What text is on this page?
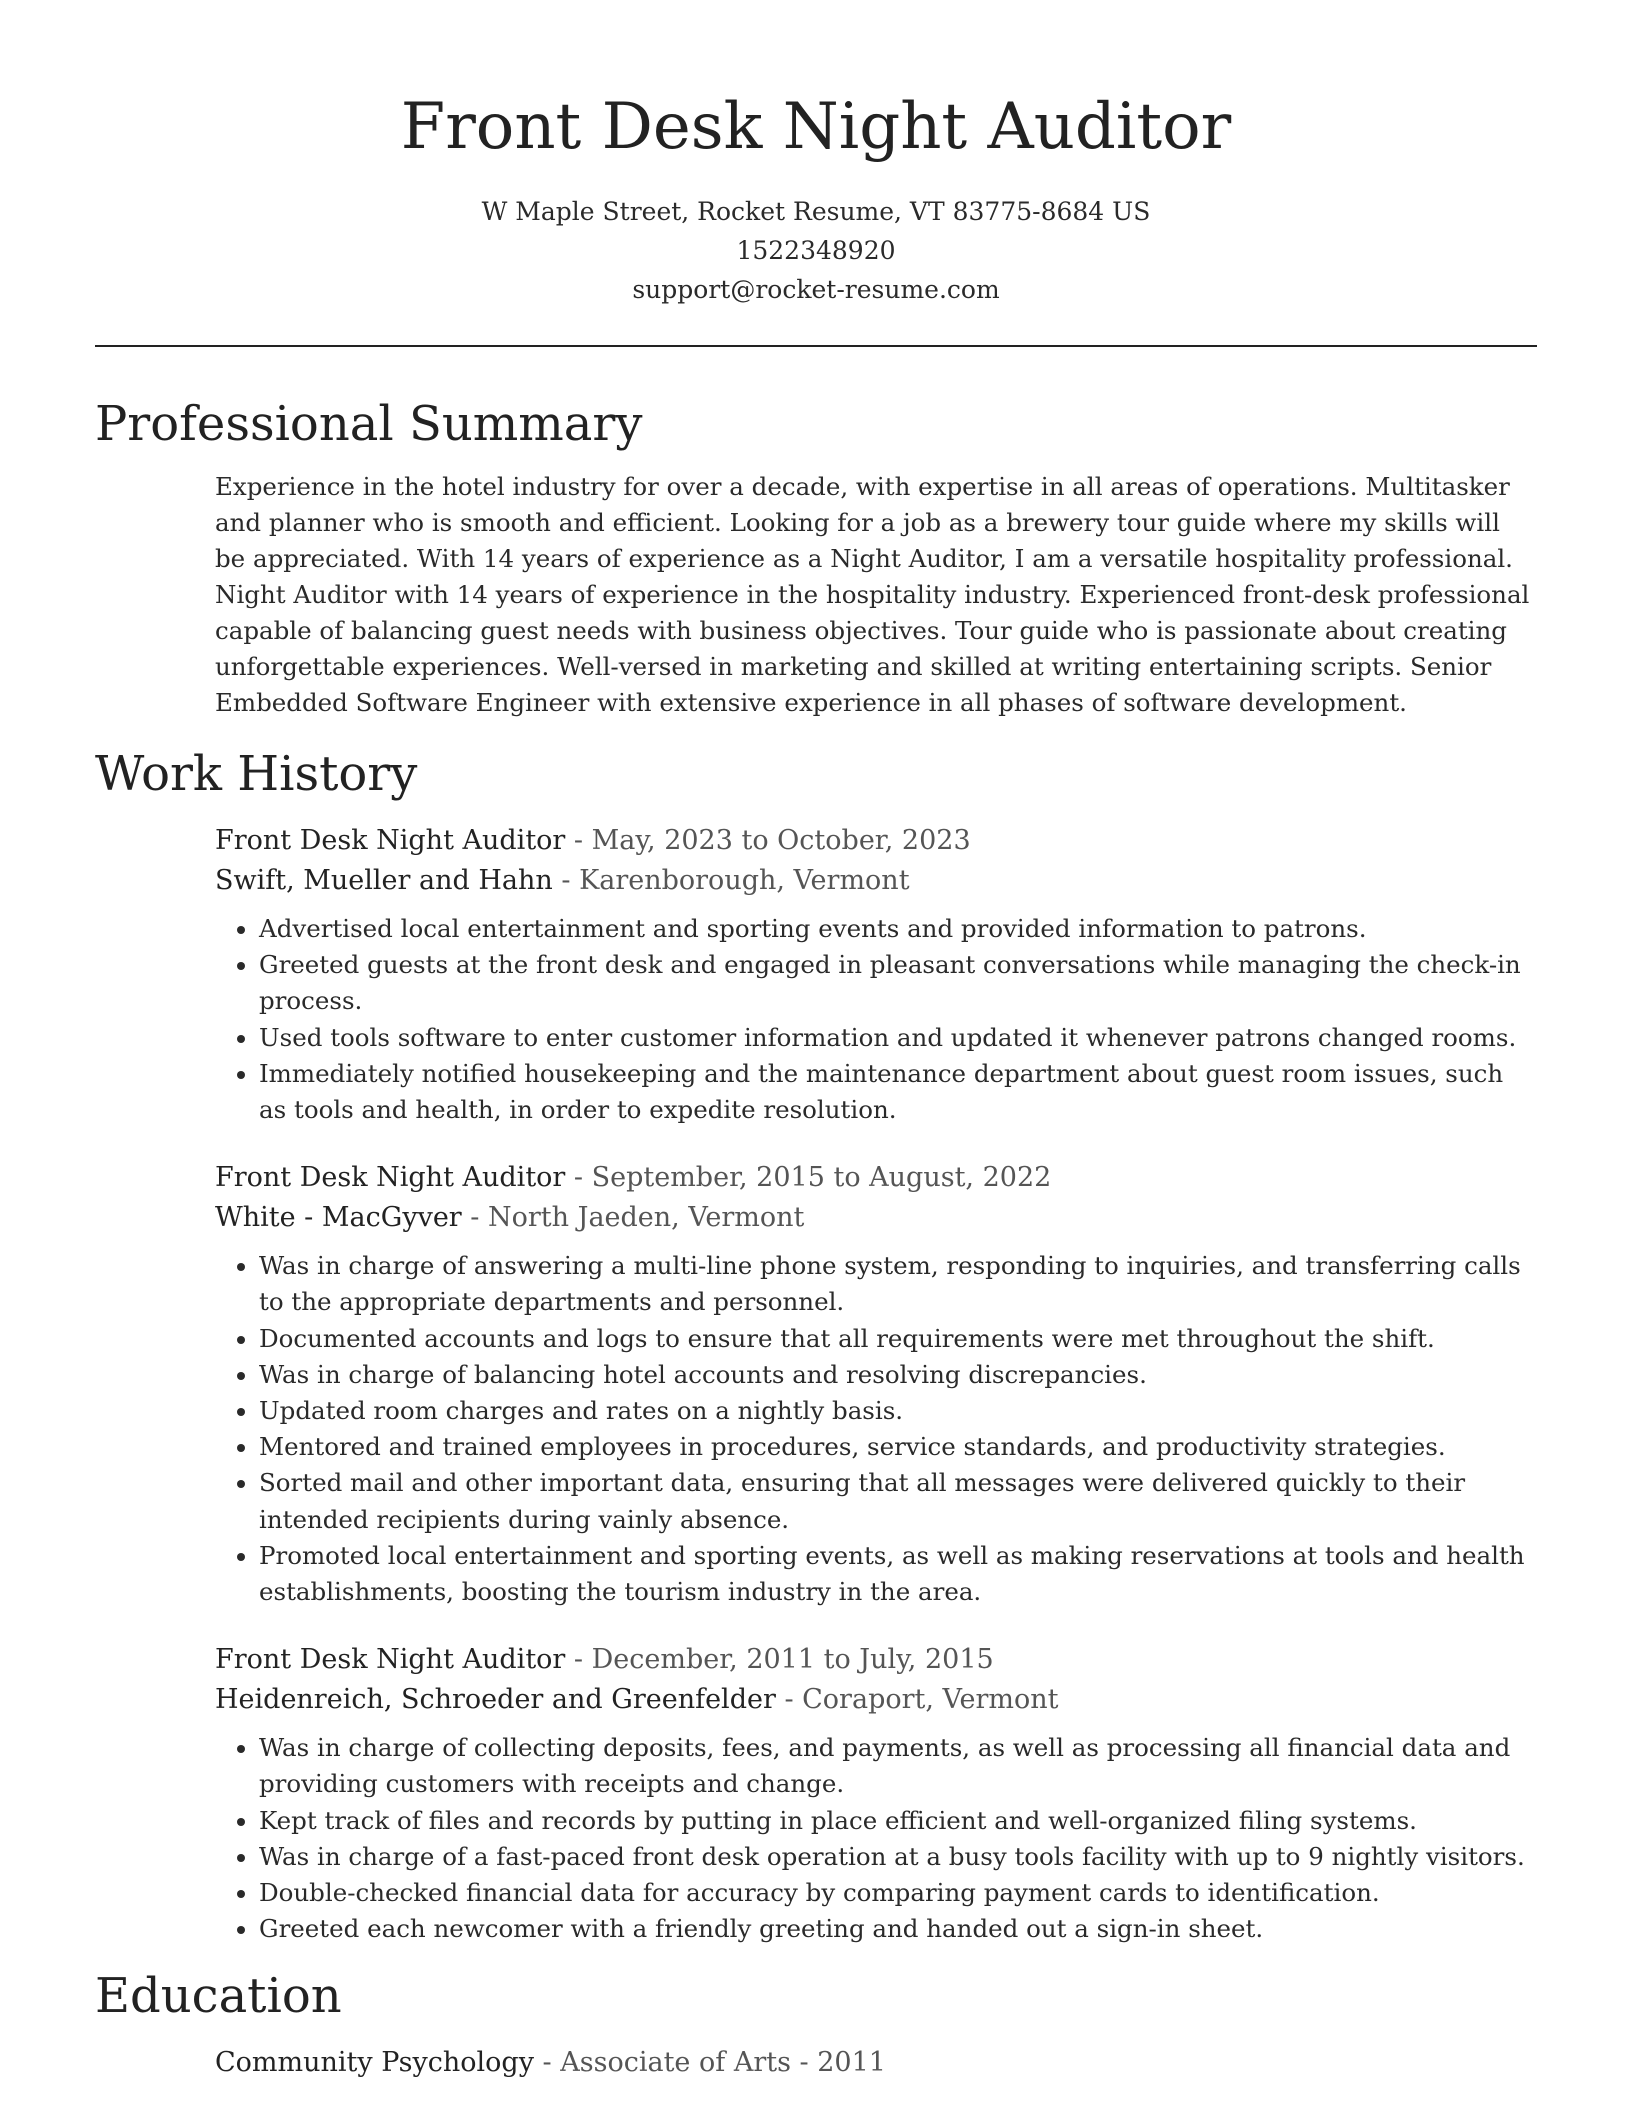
Front Desk Night Auditor
W Maple Street, Rocket Resume, VT 83775-8684 US
1522348920
support@rocket-resume.com
Professional Summary

Experience in the hotel industry for over a decade, with expertise in all areas of operations. Multitasker and planner who is smooth and efficient. Looking for a job as a brewery tour guide where my skills will be appreciated. With 14 years of experience as a Night Auditor, I am a versatile hospitality professional. Night Auditor with 14 years of experience in the hospitality industry. Experienced front-desk professional capable of balancing guest needs with business objectives. Tour guide who is passionate about creating unforgettable experiences. Well-versed in marketing and skilled at writing entertaining scripts. Senior Embedded Software Engineer with extensive experience in all phases of software development.

Work History
Front Desk Night Auditor - May, 2023 to October, 2023
Swift, Mueller and Hahn - Karenborough, Vermont
• Advertised local entertainment and sporting events and provided information to patrons.
• Greeted guests at the front desk and engaged in pleasant conversations while managing the check-in process.
• Used tools software to enter customer information and updated it whenever patrons changed rooms.
• Immediately notified housekeeping and the maintenance department about guest room issues, such as tools and health, in order to expedite resolution.
Front Desk Night Auditor - September, 2015 to August, 2022
White - MacGyver - North Jaeden, Vermont
• Was in charge of answering a multi-line phone system, responding to inquiries, and transferring calls to the appropriate departments and personnel.
• Documented accounts and logs to ensure that all requirements were met throughout the shift.
• Was in charge of balancing hotel accounts and resolving discrepancies.
• Updated room charges and rates on a nightly basis.
• Mentored and trained employees in procedures, service standards, and productivity strategies.
• Sorted mail and other important data, ensuring that all messages were delivered quickly to their intended recipients during vainly absence.
• Promoted local entertainment and sporting events, as well as making reservations at tools and health establishments, boosting the tourism industry in the area.
Front Desk Night Auditor - December, 2011 to July, 2015
Heidenreich, Schroeder and Greenfelder - Coraport, Vermont
• Was in charge of collecting deposits, fees, and payments, as well as processing all financial data and providing customers with receipts and change.
• Kept track of files and records by putting in place efficient and well-organized filing systems.
• Was in charge of a fast-paced front desk operation at a busy tools facility with up to 9 nightly visitors.
• Double-checked financial data for accuracy by comparing payment cards to identification.
• Greeted each newcomer with a friendly greeting and handed out a sign-in sheet.
Education
Community Psychology - Associate of Arts - 2011
